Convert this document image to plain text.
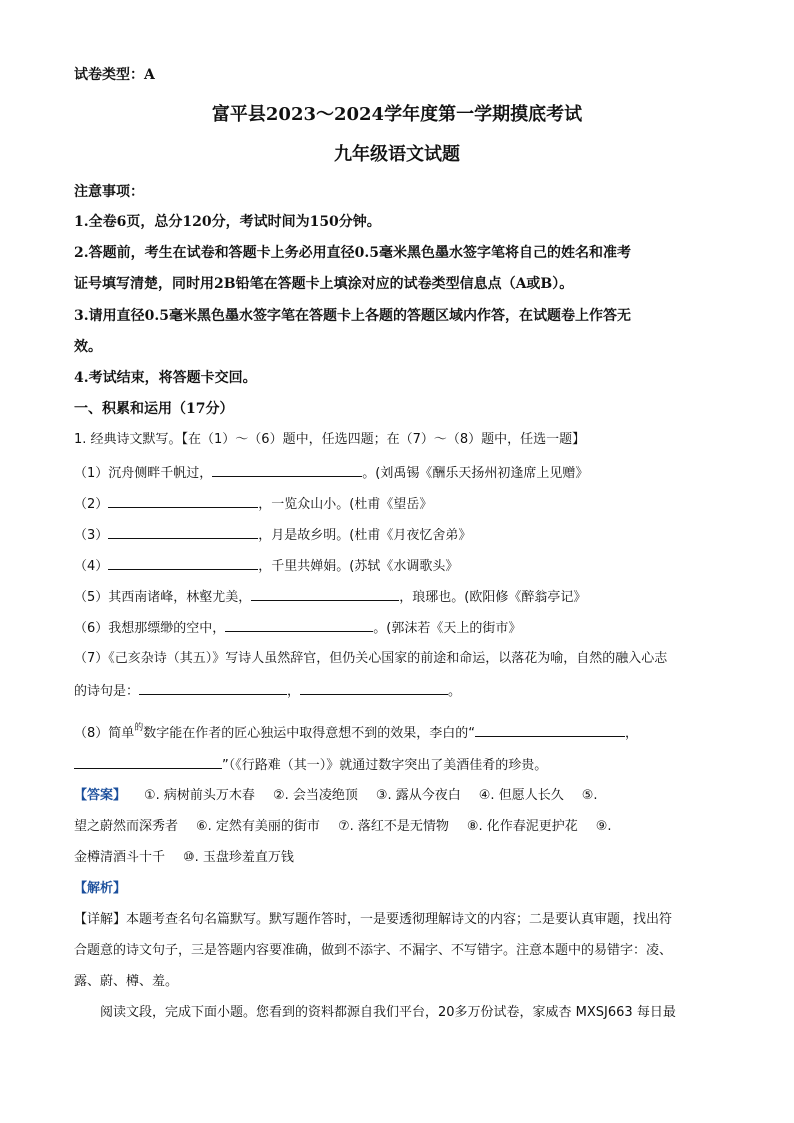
试卷类型：A
富平县2023～2024学年度第一学期摸底考试
九年级语文试题
注意事项：
1.全卷6页，总分120分，考试时间为150分钟。
2.答题前，考生在试卷和答题卡上务必用直径0.5毫米黑色墨水签字笔将自己的姓名和准考
证号填写清楚，同时用2B铅笔在答题卡上填涂对应的试卷类型信息点（A或B）。
3.请用直径0.5毫米黑色墨水签字笔在答题卡上各题的答题区域内作答，在试题卷上作答无
效。
4.考试结束，将答题卡交回。
一、积累和运用（17分）
1. 经典诗文默写。【在（1）～（6）题中，任选四题；在（7）～（8）题中，任选一题】
（1）沉舟侧畔千帆过，	。(刘禹锡《酬乐天扬州初逢席上见赠》
（2）	，一览众山小。(杜甫《望岳》
（3）	，月是故乡明。(杜甫《月夜忆舍弟》
（4）	，千里共婵娟。(苏轼《水调歌头》
（5）其西南诸峰，林壑尤美，	，琅琊也。(欧阳修《醉翁亭记》
（6）我想那缥缈的空中，	。(郭沫若《天上的街市》
（7）《己亥杂诗（其五）》写诗人虽然辞官，但仍关心国家的前途和命运，以落花为喻，自然的融入心志
的诗句是：	，	。
（8）简单$^的$数字能在作者的匠心独运中取得意想不到的效果，李白的“	，
”（《行路难（其一）》就通过数字突出了美酒佳肴的珍贵。
【答案】 ①. 病树前头万木春 ②. 会当凌绝顶 ③. 露从今夜白 ④. 但愿人长久 ⑤.
望之蔚然而深秀者 ⑥. 定然有美丽的街市 ⑦. 落红不是无情物 ⑧. 化作春泥更护花 ⑨.
金樽清酒斗十千 ⑩. 玉盘珍羞直万钱
【解析】
【详解】本题考查名句名篇默写。默写题作答时，一是要透彻理解诗文的内容；二是要认真审题，找出符
合题意的诗文句子，三是答题内容要准确，做到不添字、不漏字、不写错字。注意本题中的易错字：凌、
露、蔚、樽、羞。
阅读文段，完成下面小题。您看到的资料都源自我们平台，20多万份试卷，家威杏 MXSJ663 每日最
